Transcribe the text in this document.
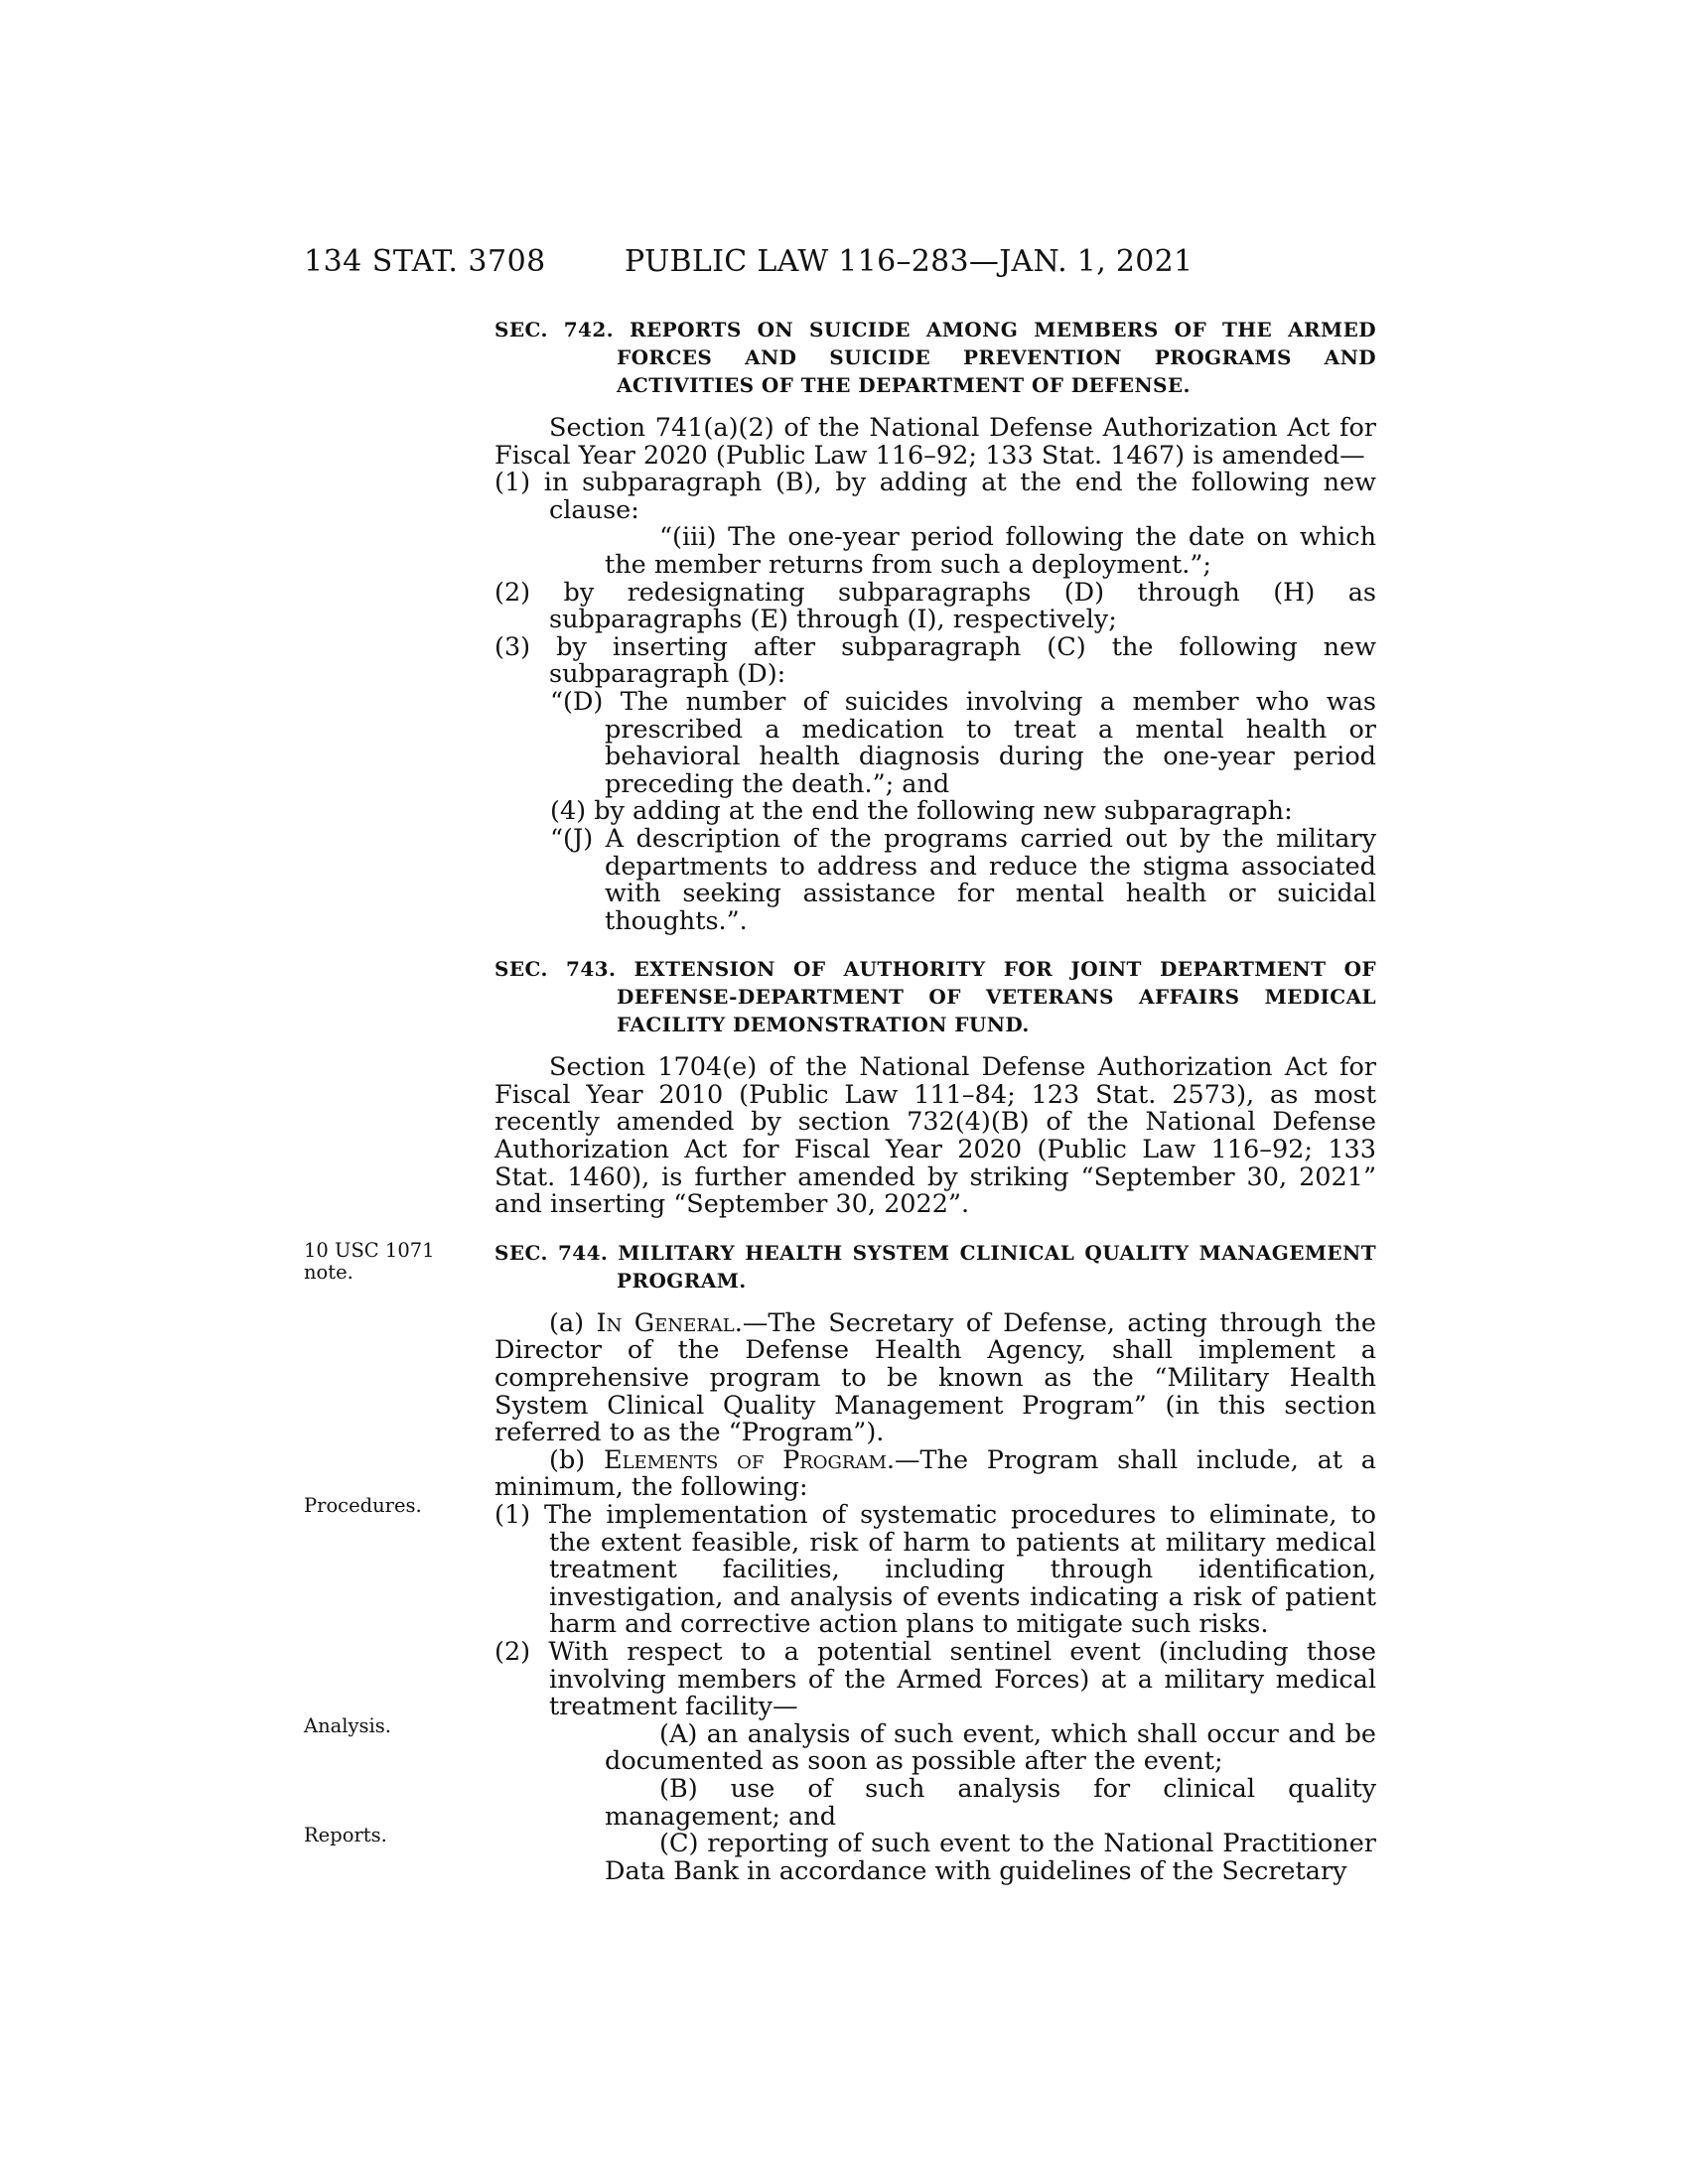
134 STAT. 3708	PUBLIC LAW 116–283—JAN. 1, 2021
10 USC 1071
note.
Procedures.
Analysis.
Reports.
SEC. 742. REPORTS ON SUICIDE AMONG MEMBERS OF THE ARMED FORCES AND SUICIDE PREVENTION PROGRAMS AND ACTIVITIES OF THE DEPARTMENT OF DEFENSE.

Section 741(a)(2) of the National Defense Authorization Act for Fiscal Year 2020 (Public Law 116–92; 133 Stat. 1467) is amended—

(1) in subparagraph (B), by adding at the end the following new clause:

“(iii) The one-year period following the date on which the member returns from such a deployment.”;

(2) by redesignating subparagraphs (D) through (H) as subparagraphs (E) through (I), respectively;

(3) by inserting after subparagraph (C) the following new subparagraph (D):

“(D) The number of suicides involving a member who was prescribed a medication to treat a mental health or behavioral health diagnosis during the one-year period preceding the death.”; and

(4) by adding at the end the following new subparagraph:

“(J) A description of the programs carried out by the military departments to address and reduce the stigma associated with seeking assistance for mental health or suicidal thoughts.”.

SEC. 743. EXTENSION OF AUTHORITY FOR JOINT DEPARTMENT OF DEFENSE-DEPARTMENT OF VETERANS AFFAIRS MEDICAL FACILITY DEMONSTRATION FUND.

Section 1704(e) of the National Defense Authorization Act for Fiscal Year 2010 (Public Law 111–84; 123 Stat. 2573), as most recently amended by section 732(4)(B) of the National Defense Authorization Act for Fiscal Year 2020 (Public Law 116–92; 133 Stat. 1460), is further amended by striking “September 30, 2021” and inserting “September 30, 2022”.

SEC. 744. MILITARY HEALTH SYSTEM CLINICAL QUALITY MANAGEMENT PROGRAM.

(a) In General.—The Secretary of Defense, acting through the Director of the Defense Health Agency, shall implement a comprehensive program to be known as the “Military Health System Clinical Quality Management Program” (in this section referred to as the “Program”).

(b) Elements of Program.—The Program shall include, at a minimum, the following:

(1) The implementation of systematic procedures to eliminate, to the extent feasible, risk of harm to patients at military medical treatment facilities, including through identification, investigation, and analysis of events indicating a risk of patient harm and corrective action plans to mitigate such risks.

(2) With respect to a potential sentinel event (including those involving members of the Armed Forces) at a military medical treatment facility—

(A) an analysis of such event, which shall occur and be documented as soon as possible after the event;

(B) use of such analysis for clinical quality management; and

(C) reporting of such event to the National Practitioner Data Bank in accordance with guidelines of the Secretary
